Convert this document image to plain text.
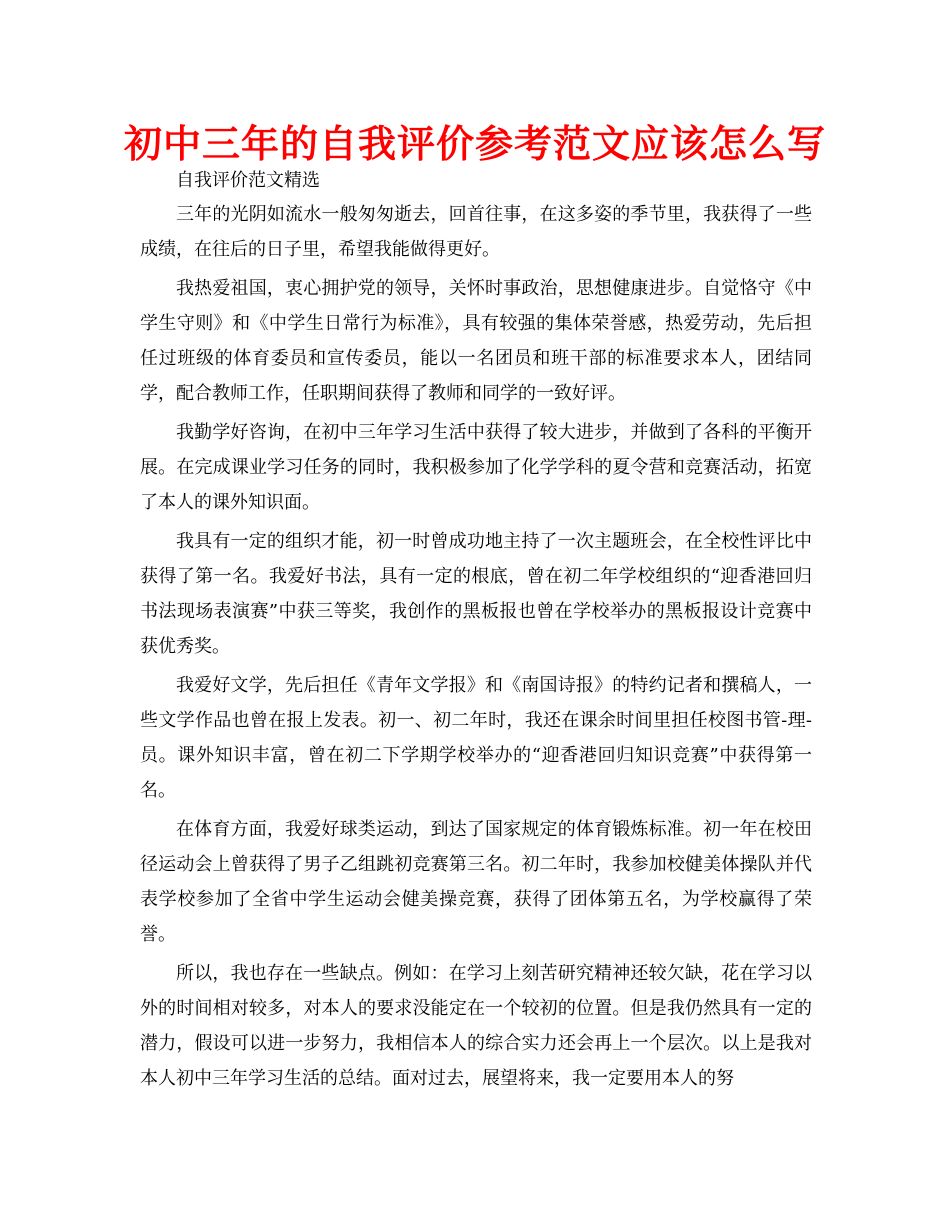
初中三年的自我评价参考范文应该怎么写

自我评价范文精选

三年的光阴如流水一般匆匆逝去，回首往事，在这多姿的季节里，我获得了一些成绩，在往后的日子里，希望我能做得更好。

我热爱祖国，衷心拥护党的领导，关怀时事政治，思想健康进步。自觉恪守《中学生守则》和《中学生日常行为标准》，具有较强的集体荣誉感，热爱劳动，先后担任过班级的体育委员和宣传委员，能以一名团员和班干部的标准要求本人，团结同学，配合教师工作，任职期间获得了教师和同学的一致好评。

我勤学好咨询，在初中三年学习生活中获得了较大进步，并做到了各科的平衡开展。在完成课业学习任务的同时，我积极参加了化学学科的夏令营和竞赛活动，拓宽了本人的课外知识面。

我具有一定的组织才能，初一时曾成功地主持了一次主题班会，在全校性评比中获得了第一名。我爱好书法，具有一定的根底，曾在初二年学校组织的“迎香港回归书法现场表演赛”中获三等奖，我创作的黑板报也曾在学校举办的黑板报设计竞赛中获优秀奖。

我爱好文学，先后担任《青年文学报》和《南国诗报》的特约记者和撰稿人，一些文学作品也曾在报上发表。初一、初二年时，我还在课余时间里担任校图书管-理-员。课外知识丰富，曾在初二下学期学校举办的“迎香港回归知识竞赛”中获得第一名。

在体育方面，我爱好球类运动，到达了国家规定的体育锻炼标准。初一年在校田径运动会上曾获得了男子乙组跳初竞赛第三名。初二年时，我参加校健美体操队并代表学校参加了全省中学生运动会健美操竞赛，获得了团体第五名，为学校赢得了荣誉。

所以，我也存在一些缺点。例如：在学习上刻苦研究精神还较欠缺，花在学习以外的时间相对较多，对本人的要求没能定在一个较初的位置。但是我仍然具有一定的潜力，假设可以进一步努力，我相信本人的综合实力还会再上一个层次。以上是我对本人初中三年学习生活的总结。面对过去，展望将来，我一定要用本人的努
